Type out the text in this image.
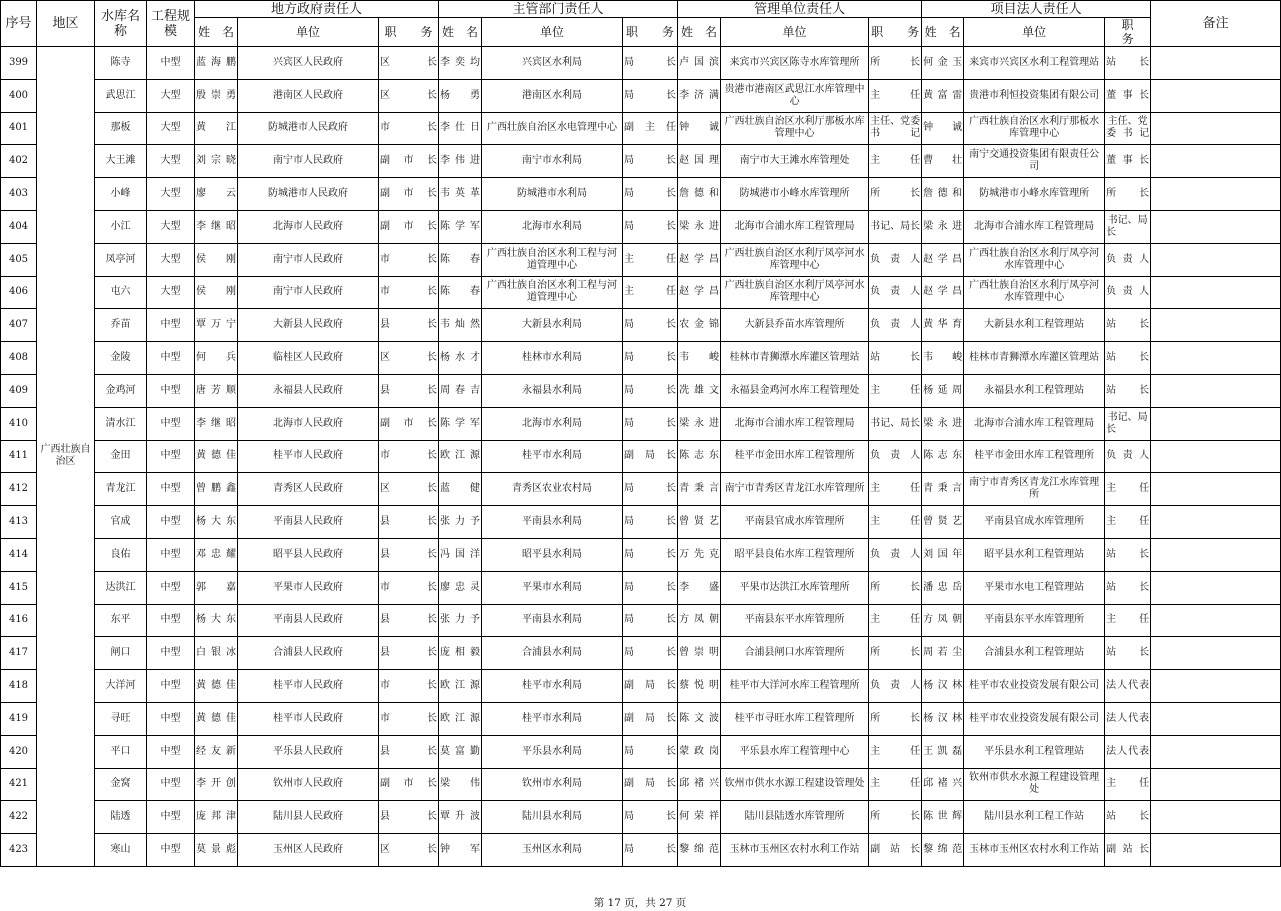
序号	地区	水库名称	工程规模	地方政府责任人			主管部门责任人			管理单位责任人			项目法人责任人			备注
				姓　名	单位	职　　务	姓　名	单位	职　　务	姓　名	单位	职　　务	姓　名	单位	职　　务	
399	广西壮族自治区	陈寺	中型	蓝海鹏	兴宾区人民政府	区长	李奕均	兴宾区水利局	局长	卢国滨	来宾市兴宾区陈寺水库管理所	所长	何金玉	来宾市兴宾区水利工程管理站	站长	
400		武思江	大型	殷崇勇	港南区人民政府	区长	杨勇	港南区水利局	局长	李济满	贵港市港南区武思江水库管理中心	主任	黄富雷	贵港市利恒投资集团有限公司	董事长	
401		那板	大型	黄江	防城港市人民政府	市长	李仕日	广西壮族自治区水电管理中心	副主任	钟诚	广西壮族自治区水利厅那板水库管理中心	主任、党委书记	钟诚	广西壮族自治区水利厅那板水库管理中心	主任、党委书记	
402		大王滩	大型	刘宗晓	南宁市人民政府	副市长	李伟进	南宁市水利局	局长	赵国理	南宁市大王滩水库管理处	主任	曹壮	南宁交通投资集团有限责任公司	董事长	
403		小峰	大型	廖云	防城港市人民政府	副市长	韦英革	防城港市水利局	局长	詹德和	防城港市小峰水库管理所	所长	詹德和	防城港市小峰水库管理所	所长	
404		小江	大型	李继昭	北海市人民政府	副市长	陈学军	北海市水利局	局长	梁永进	北海市合浦水库工程管理局	书记、局长	梁永进	北海市合浦水库工程管理局	书记、局长	
405		凤亭河	大型	侯刚	南宁市人民政府	市长	陈春	广西壮族自治区水利工程与河道管理中心	主任	赵学昌	广西壮族自治区水利厅凤亭河水库管理中心	负责人	赵学昌	广西壮族自治区水利厅凤亭河水库管理中心	负责人	
406		屯六	大型	侯刚	南宁市人民政府	市长	陈春	广西壮族自治区水利工程与河道管理中心	主任	赵学昌	广西壮族自治区水利厅凤亭河水库管理中心	负责人	赵学昌	广西壮族自治区水利厅凤亭河水库管理中心	负责人	
407		乔苗	中型	覃万宁	大新县人民政府	县长	韦灿然	大新县水利局	局长	农金锦	大新县乔苗水库管理所	负责人	黄华育	大新县水利工程管理站	站长	
408		金陵	中型	何兵	临桂区人民政府	区长	杨水才	桂林市水利局	局长	韦峻	桂林市青狮潭水库灌区管理站	站长	韦峻	桂林市青狮潭水库灌区管理站	站长	
409		金鸡河	中型	唐芳顺	永福县人民政府	县长	周春吉	永福县水利局	局长	冼雄文	永福县金鸡河水库工程管理处	主任	杨延周	永福县水利工程管理站	站长	
410		清水江	中型	李继昭	北海市人民政府	副市长	陈学军	北海市水利局	局长	梁永进	北海市合浦水库工程管理局	书记、局长	梁永进	北海市合浦水库工程管理局	书记、局长	
411		金田	中型	黄德佳	桂平市人民政府	市长	欧江源	桂平市水利局	副局长	陈志东	桂平市金田水库工程管理所	负责人	陈志东	桂平市金田水库工程管理所	负责人	
412		青龙江	中型	曾鹏鑫	青秀区人民政府	区长	蓝健	青秀区农业农村局	局长	青秉言	南宁市青秀区青龙江水库管理所	主任	青秉言	南宁市青秀区青龙江水库管理所	主任	
413		官成	中型	杨大东	平南县人民政府	县长	张力予	平南县水利局	局长	曾贤艺	平南县官成水库管理所	主任	曾贤艺	平南县官成水库管理所	主任	
414		良佑	中型	邓忠耀	昭平县人民政府	县长	冯国洋	昭平县水利局	局长	万先克	昭平县良佑水库工程管理所	负责人	刘国年	昭平县水利工程管理站	站长	
415		达洪江	中型	郭嘉	平果市人民政府	市长	廖忠灵	平果市水利局	局长	李盛	平果市达洪江水库管理所	所长	潘忠岳	平果市水电工程管理站	站长	
416		东平	中型	杨大东	平南县人民政府	县长	张力予	平南县水利局	局长	方凤朝	平南县东平水库管理所	主任	方凤朝	平南县东平水库管理所	主任	
417		闸口	中型	白银冰	合浦县人民政府	县长	庞相毅	合浦县水利局	局长	曾崇明	合浦县闸口水库管理所	所长	周若尘	合浦县水利工程管理站	站长	
418		大洋河	中型	黄德佳	桂平市人民政府	市长	欧江源	桂平市水利局	副局长	蔡悦明	桂平市大洋河水库工程管理所	负责人	杨汉林	桂平市农业投资发展有限公司	法人代表	
419		寻旺	中型	黄德佳	桂平市人民政府	市长	欧江源	桂平市水利局	副局长	陈文波	桂平市寻旺水库工程管理所	所长	杨汉林	桂平市农业投资发展有限公司	法人代表	
420		平口	中型	经友新	平乐县人民政府	县长	莫富勤	平乐县水利局	局长	蒙政岗	平乐县水库工程管理中心	主任	王凯磊	平乐县水利工程管理站	法人代表	
421		金窝	中型	李开创	钦州市人民政府	副市长	梁伟	钦州市水利局	副局长	邱褚兴	钦州市供水水源工程建设管理处	主任	邱褚兴	钦州市供水水源工程建设管理处	主任	
422		陆透	中型	庞邦津	陆川县人民政府	县长	覃升波	陆川县水利局	局长	何荣祥	陆川县陆透水库管理所	所长	陈世辉	陆川县水利工程工作站	站长	
423		寒山	中型	莫景彪	玉州区人民政府	区长	钟军	玉州区水利局	局长	黎绵范	玉林市玉州区农村水利工作站	副站长	黎绵范	玉林市玉州区农村水利工作站	副站长	
第 17 页，共 27 页
